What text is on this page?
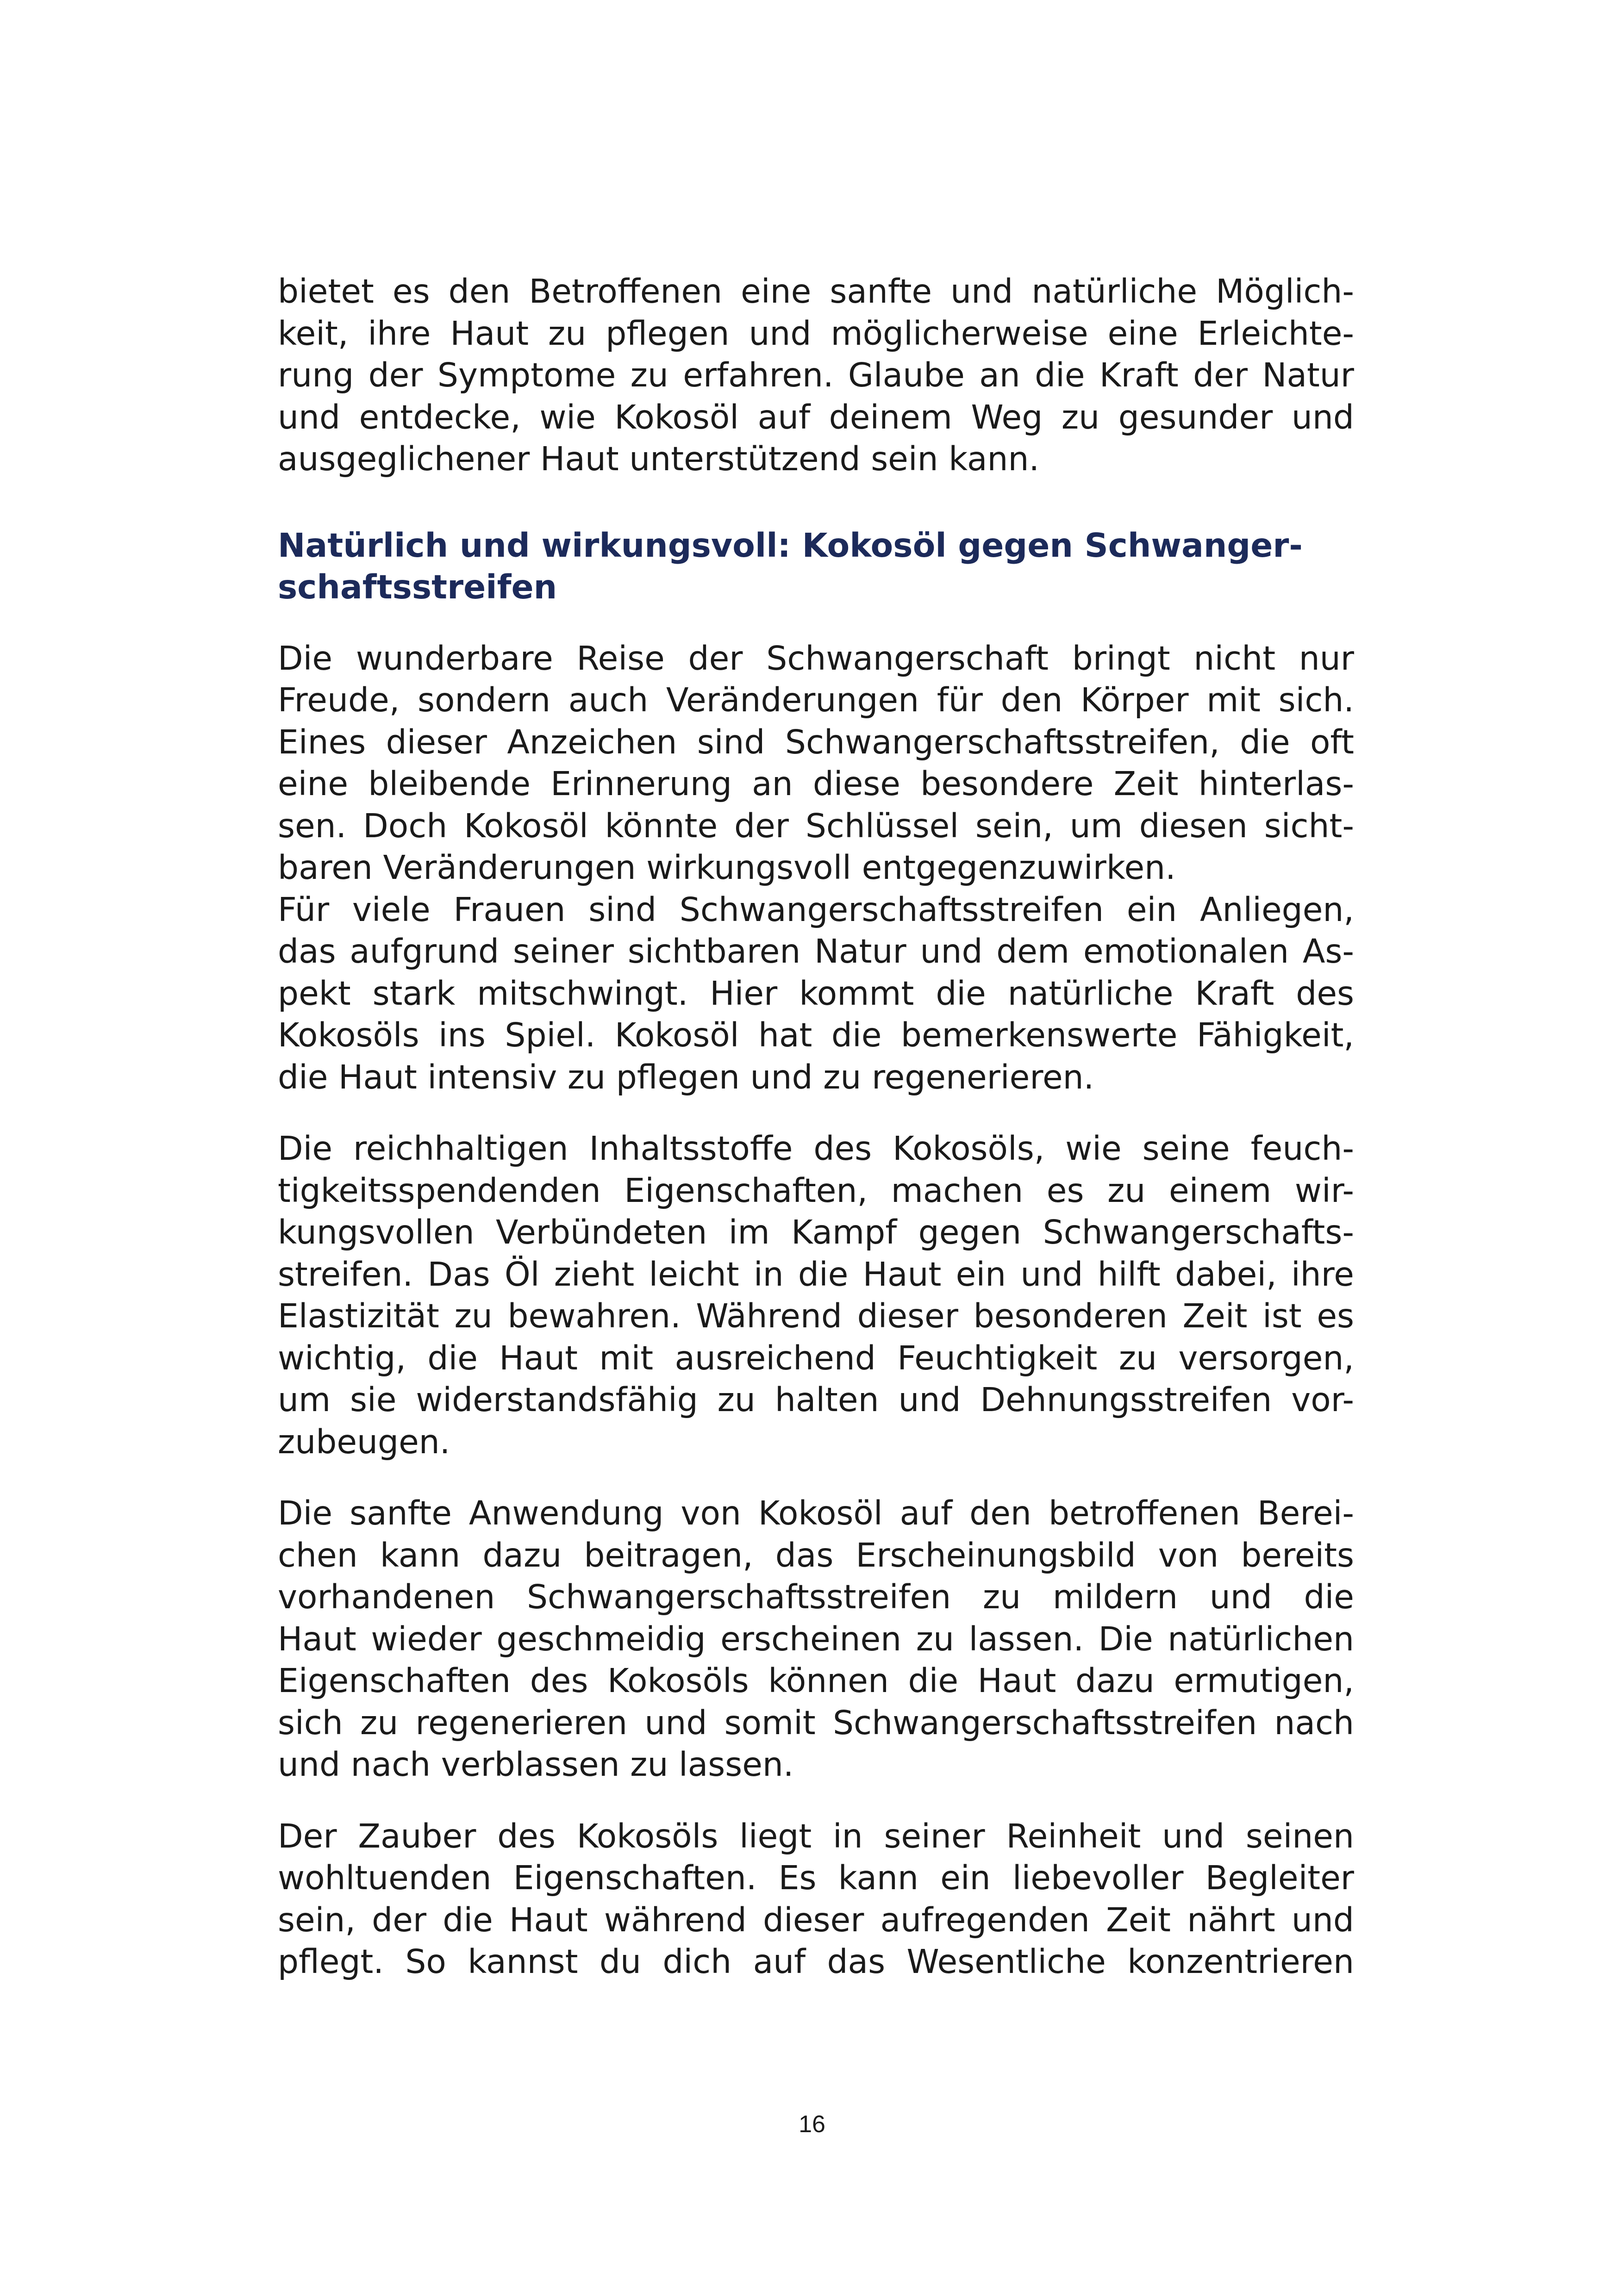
bietet es den Betroffenen eine sanfte und natürliche Möglich-
keit, ihre Haut zu pflegen und möglicherweise eine Erleichte-
rung der Symptome zu erfahren. Glaube an die Kraft der Natur
und entdecke, wie Kokosöl auf deinem Weg zu gesunder und
ausgeglichener Haut unterstützend sein kann.

Natürlich und wirkungsvoll: Kokosöl gegen Schwanger-
schaftsstreifen

Die wunderbare Reise der Schwangerschaft bringt nicht nur
Freude, sondern auch Veränderungen für den Körper mit sich.
Eines dieser Anzeichen sind Schwangerschaftsstreifen, die oft
eine bleibende Erinnerung an diese besondere Zeit hinterlas-
sen. Doch Kokosöl könnte der Schlüssel sein, um diesen sicht-
baren Veränderungen wirkungsvoll entgegenzuwirken.
Für viele Frauen sind Schwangerschaftsstreifen ein Anliegen,
das aufgrund seiner sichtbaren Natur und dem emotionalen As-
pekt stark mitschwingt. Hier kommt die natürliche Kraft des
Kokosöls ins Spiel. Kokosöl hat die bemerkenswerte Fähigkeit,
die Haut intensiv zu pflegen und zu regenerieren.

Die reichhaltigen Inhaltsstoffe des Kokosöls, wie seine feuch-
tigkeitsspendenden Eigenschaften, machen es zu einem wir-
kungsvollen Verbündeten im Kampf gegen Schwangerschafts-
streifen. Das Öl zieht leicht in die Haut ein und hilft dabei, ihre
Elastizität zu bewahren. Während dieser besonderen Zeit ist es
wichtig, die Haut mit ausreichend Feuchtigkeit zu versorgen,
um sie widerstandsfähig zu halten und Dehnungsstreifen vor-
zubeugen.

Die sanfte Anwendung von Kokosöl auf den betroffenen Berei-
chen kann dazu beitragen, das Erscheinungsbild von bereits
vorhandenen Schwangerschaftsstreifen zu mildern und die
Haut wieder geschmeidig erscheinen zu lassen. Die natürlichen
Eigenschaften des Kokosöls können die Haut dazu ermutigen,
sich zu regenerieren und somit Schwangerschaftsstreifen nach
und nach verblassen zu lassen.

Der Zauber des Kokosöls liegt in seiner Reinheit und seinen
wohltuenden Eigenschaften. Es kann ein liebevoller Begleiter
sein, der die Haut während dieser aufregenden Zeit nährt und
pflegt. So kannst du dich auf das Wesentliche konzentrieren

16
